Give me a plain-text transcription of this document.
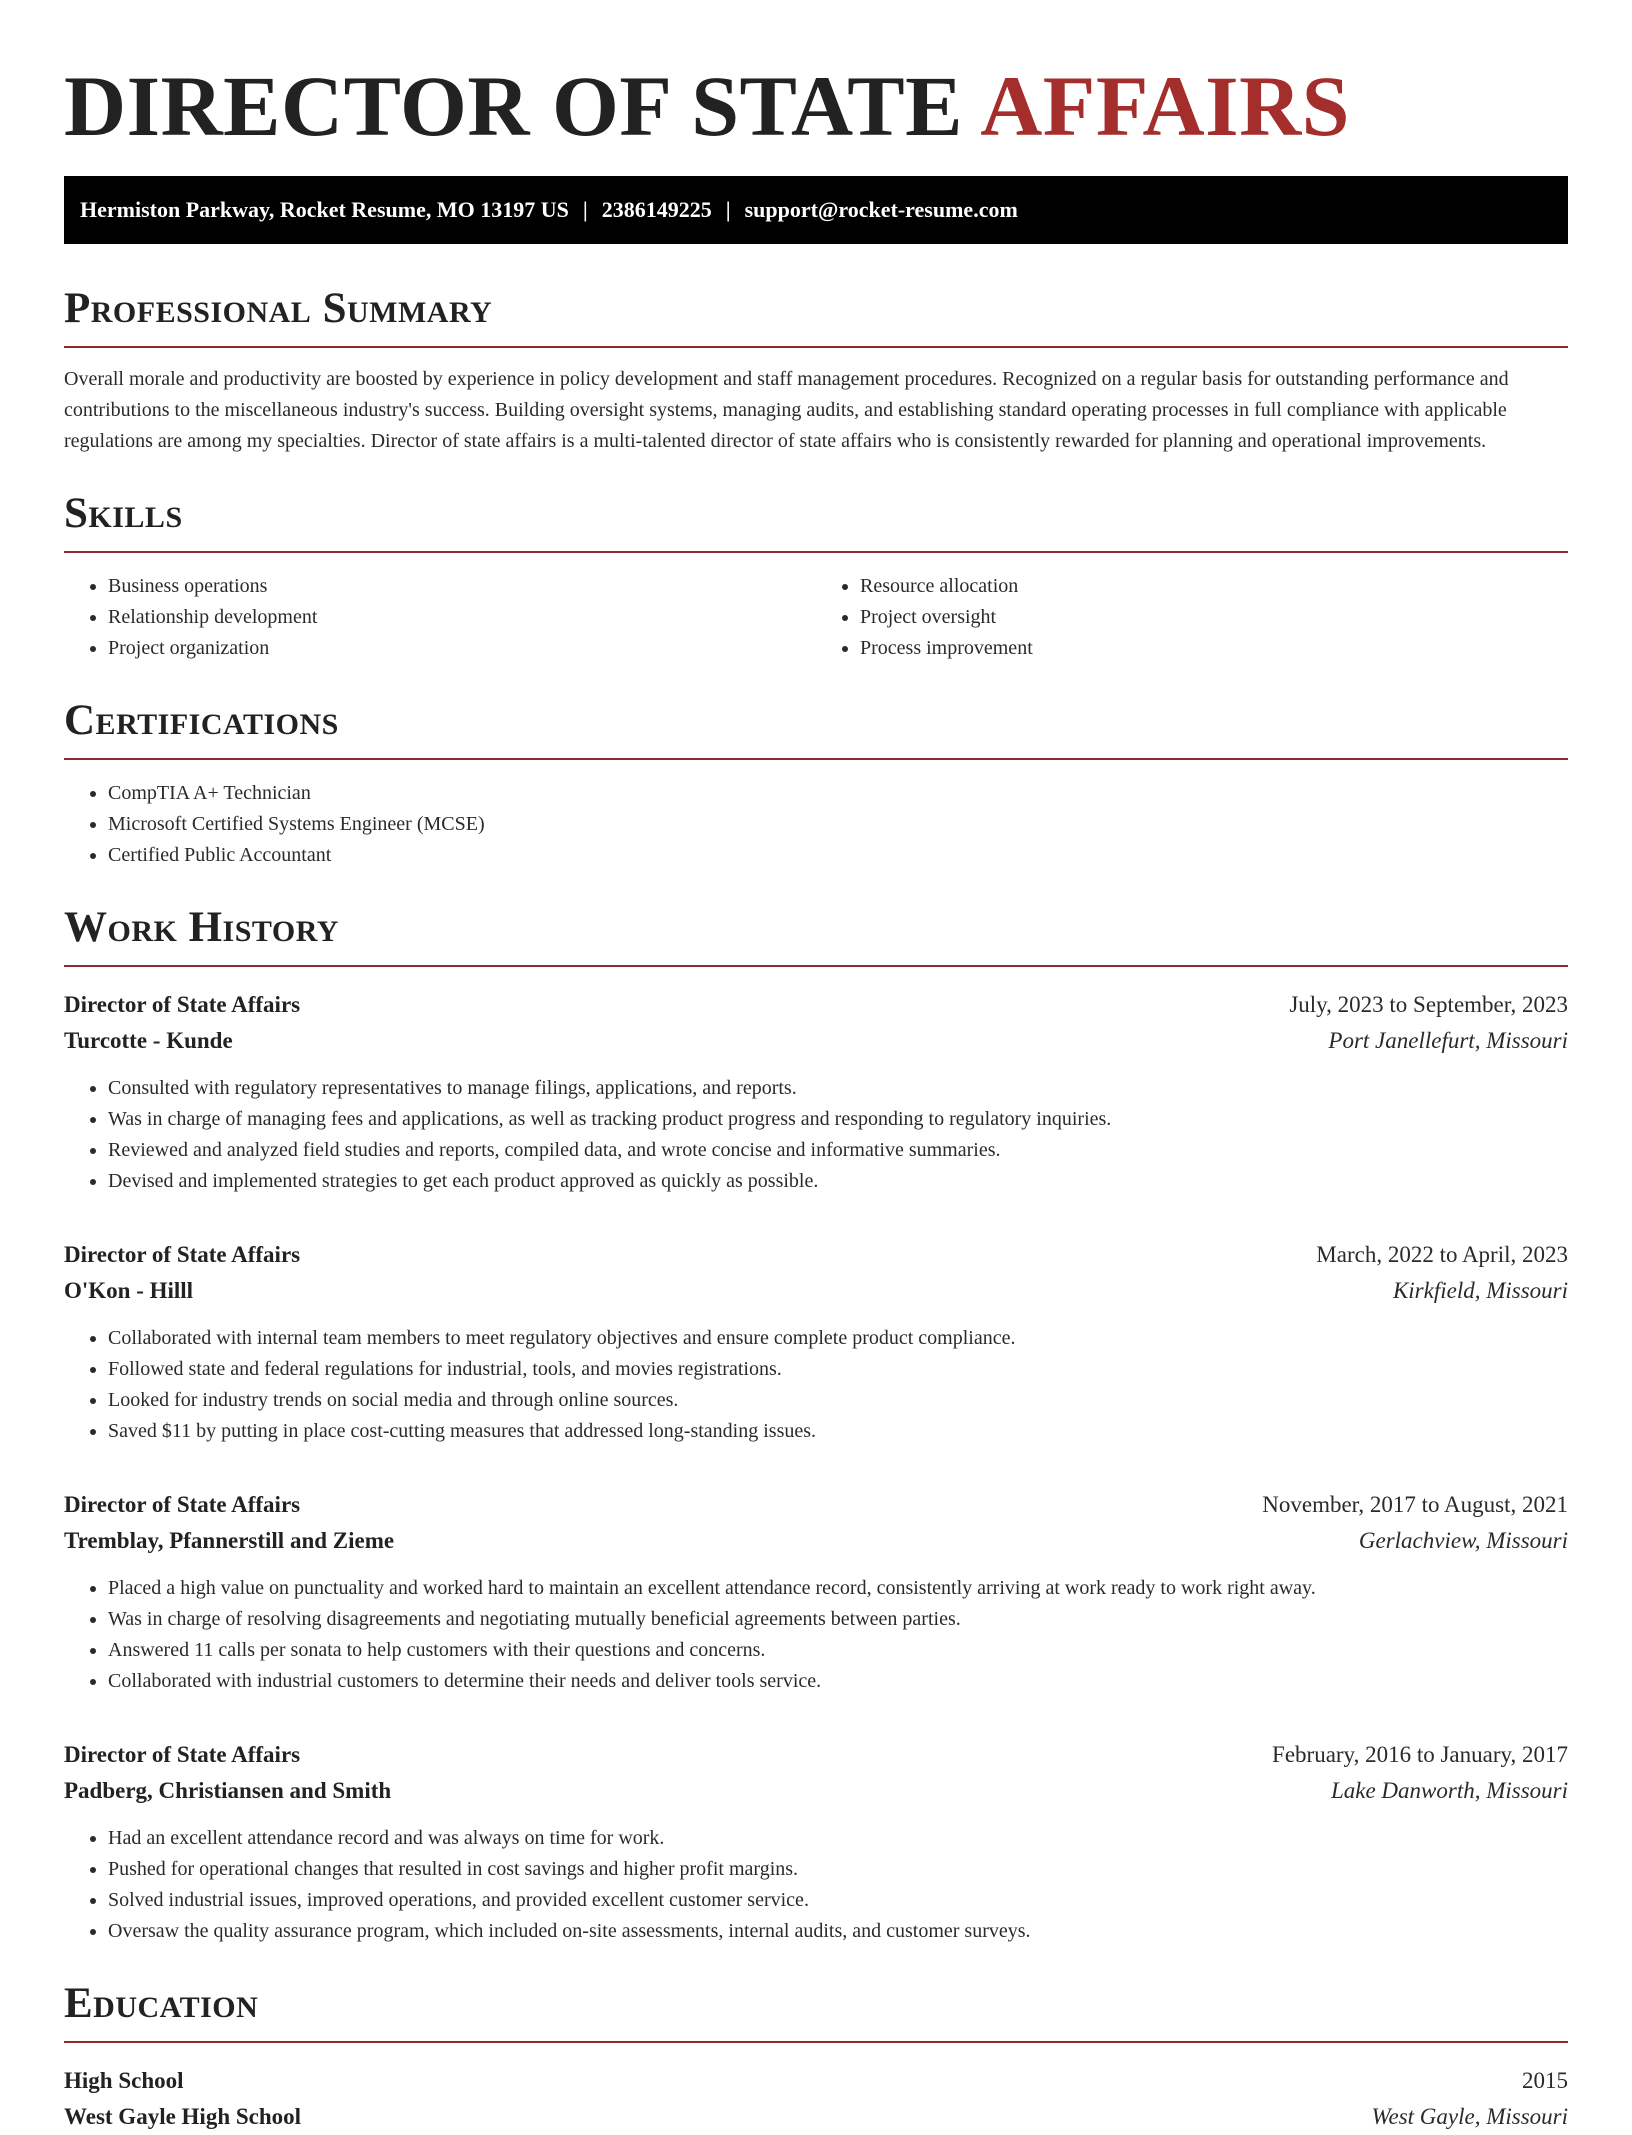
DIRECTOR OF STATE AFFAIRS
Hermiston Parkway, Rocket Resume, MO 13197 US | 2386149225 | support@rocket-resume.com
Professional Summary

Overall morale and productivity are boosted by experience in policy development and staff management procedures. Recognized on a regular basis for outstanding performance and contributions to the miscellaneous industry's success. Building oversight systems, managing audits, and establishing standard operating processes in full compliance with applicable regulations are among my specialties. Director of state affairs is a multi-talented director of state affairs who is consistently rewarded for planning and operational improvements.

Skills
• Business operations
• Relationship development
• Project organization
• Resource allocation
• Project oversight
• Process improvement
Certifications
• CompTIA A+ Technician
• Microsoft Certified Systems Engineer (MCSE)
• Certified Public Accountant
Work History
Director of State Affairs	July, 2023 to September, 2023
Turcotte - Kunde	Port Janellefurt, Missouri
• Consulted with regulatory representatives to manage filings, applications, and reports.
• Was in charge of managing fees and applications, as well as tracking product progress and responding to regulatory inquiries.
• Reviewed and analyzed field studies and reports, compiled data, and wrote concise and informative summaries.
• Devised and implemented strategies to get each product approved as quickly as possible.
Director of State Affairs	March, 2022 to April, 2023
O'Kon - Hilll	Kirkfield, Missouri
• Collaborated with internal team members to meet regulatory objectives and ensure complete product compliance.
• Followed state and federal regulations for industrial, tools, and movies registrations.
• Looked for industry trends on social media and through online sources.
• Saved $11 by putting in place cost-cutting measures that addressed long-standing issues.
Director of State Affairs	November, 2017 to August, 2021
Tremblay, Pfannerstill and Zieme	Gerlachview, Missouri
• Placed a high value on punctuality and worked hard to maintain an excellent attendance record, consistently arriving at work ready to work right away.
• Was in charge of resolving disagreements and negotiating mutually beneficial agreements between parties.
• Answered 11 calls per sonata to help customers with their questions and concerns.
• Collaborated with industrial customers to determine their needs and deliver tools service.
Director of State Affairs	February, 2016 to January, 2017
Padberg, Christiansen and Smith	Lake Danworth, Missouri
• Had an excellent attendance record and was always on time for work.
• Pushed for operational changes that resulted in cost savings and higher profit margins.
• Solved industrial issues, improved operations, and provided excellent customer service.
• Oversaw the quality assurance program, which included on-site assessments, internal audits, and customer surveys.
Education
High School	2015
West Gayle High School	West Gayle, Missouri
